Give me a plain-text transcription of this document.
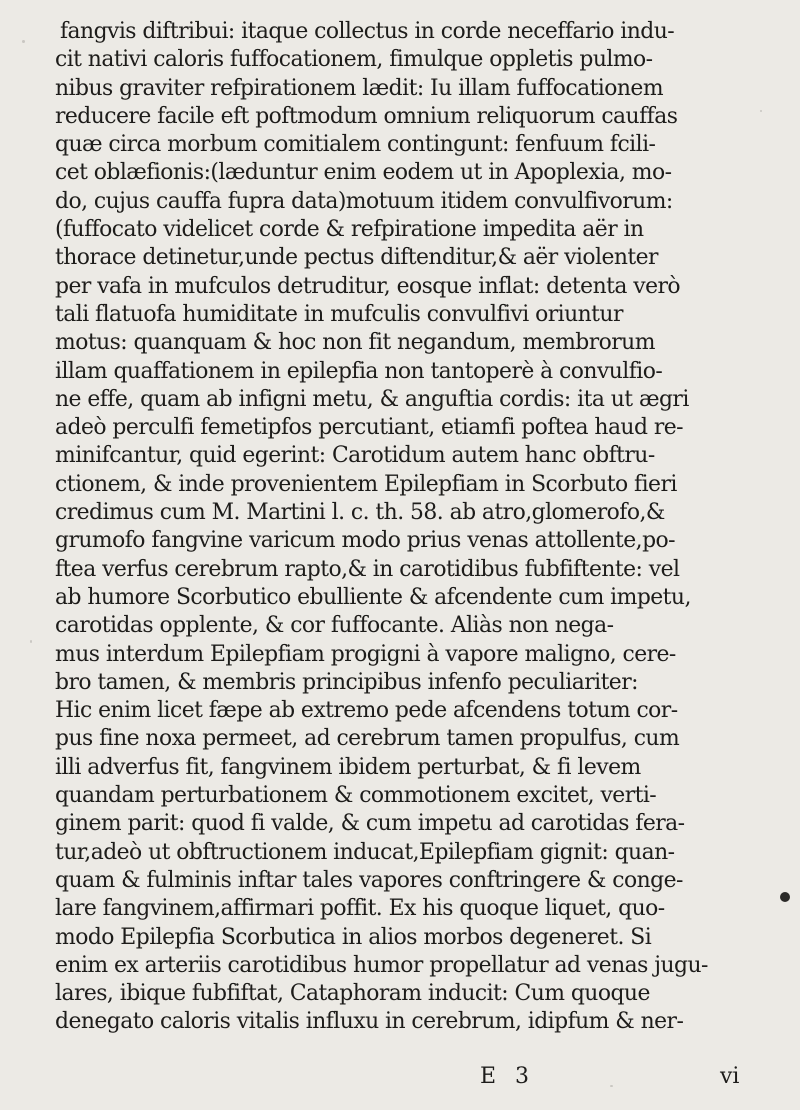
fangvis diftribui: itaque collectus in corde neceffario indu-
cit nativi caloris fuffocationem, fimulque oppletis pulmo-
nibus graviter refpirationem lædit: Iu illam fuffocationem
reducere facile eft poftmodum omnium reliquorum cauffas
quæ circa morbum comitialem contingunt: fenfuum fcili-
cet oblæfionis:(læduntur enim eodem ut in Apoplexia, mo-
do, cujus cauffa fupra data)motuum itidem convulfivorum:
(fuffocato videlicet corde & refpiratione impedita aër in
thorace detinetur,unde pectus diftenditur,& aër violenter
per vafa in mufculos detruditur, eosque inflat: detenta verò
tali flatuofa humiditate in mufculis convulfivi oriuntur
motus: quanquam & hoc non fit negandum, membrorum
illam quaffationem in epilepfia non tantoperè à convulfio-
ne effe, quam ab infigni metu, & anguftia cordis: ita ut ægri
adeò perculfi femetipfos percutiant, etiamfi poftea haud re-
minifcantur, quid egerint: Carotidum autem hanc obftru-
ctionem, & inde provenientem Epilepfiam in Scorbuto fieri
credimus cum M. Martini l. c. th. 58. ab atro,glomerofo,&
grumofo fangvine varicum modo prius venas attollente,po-
ftea verfus cerebrum rapto,& in carotidibus fubfiftente: vel
ab humore Scorbutico ebulliente & afcendente cum impetu,
carotidas opplente, & cor fuffocante. Aliàs non nega-
mus interdum Epilepfiam progigni à vapore maligno, cere-
bro tamen, & membris principibus infenfo peculiariter:
Hic enim licet fæpe ab extremo pede afcendens totum cor-
pus fine noxa permeet, ad cerebrum tamen propulfus, cum
illi adverfus fit, fangvinem ibidem perturbat, & fi levem
quandam perturbationem & commotionem excitet, verti-
ginem parit: quod fi valde, & cum impetu ad carotidas fera-
tur,adeò ut obftructionem inducat,Epilepfiam gignit: quan-
quam & fulminis inftar tales vapores conftringere & conge-
lare fangvinem,affirmari poffit. Ex his quoque liquet, quo-
modo Epilepfia Scorbutica in alios morbos degeneret. Si
enim ex arteriis carotidibus humor propellatur ad venas jugu-
lares, ibique fubfiftat, Cataphoram inducit: Cum quoque
denegato caloris vitalis influxu in cerebrum, idipfum & ner-
E 3	vi
